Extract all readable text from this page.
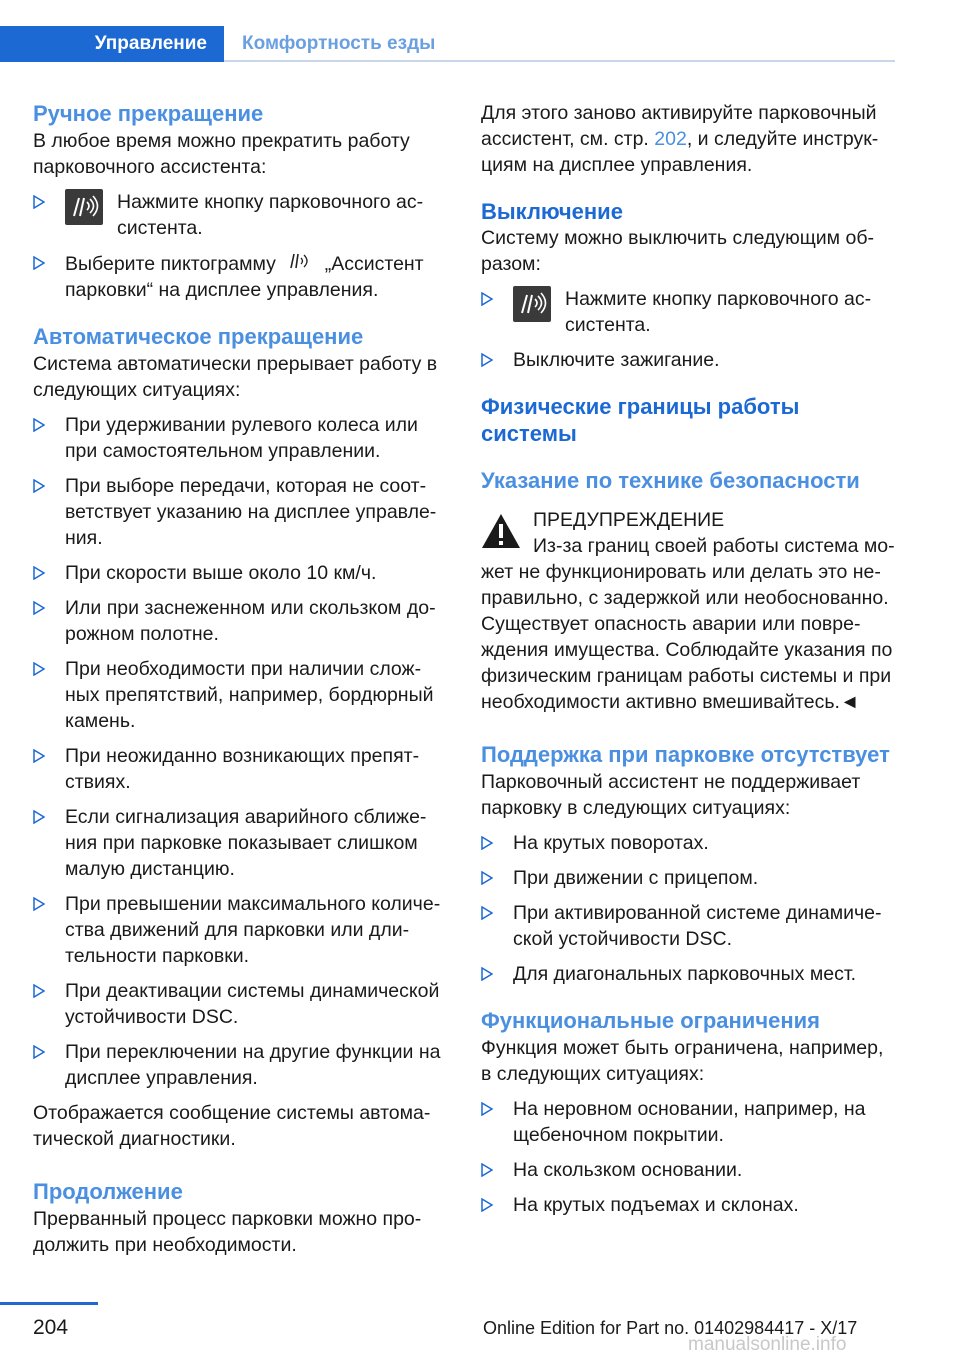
Управление Комфортность езды
Ручное прекращение

В любое время можно прекратить работу парковочного ассистента:

Нажмите кнопку парковочного ас- систента.
Выберите пиктограмму	„Ассистент парковки“ на дисплее управления.
Автоматическое прекращение

Система автоматически прерывает работу в следующих ситуациях:

При удерживании рулевого колеса или при самостоятельном управлении.
При выборе передачи, которая не соот- ветствует указанию на дисплее управле- ния.
При скорости выше около 10 км/ч.
Или при заснеженном или скользком до- рожном полотне.
При необходимости при наличии слож- ных препятствий, например, бордюрный камень.
При неожиданно возникающих препят- ствиях.
Если сигнализация аварийного сближе- ния при парковке показывает слишком малую дистанцию.
При превышении максимального количе- ства движений для парковки или дли- тельности парковки.
При деактивации системы динамической устойчивости DSC.
При переключении на другие функции на дисплее управления.

Отображается сообщение системы автома- тической диагностики.

Продолжение

Прерванный процесс парковки можно про- должить при необходимости.

Для этого заново активируйте парковочный ассистент, см. стр. 202, и следуйте инструк- циям на дисплее управления.

Выключение

Систему можно выключить следующим об- разом:

Нажмите кнопку парковочного ас- систента.
Выключите зажигание.
Физические границы работы системы
Указание по технике безопасности
ПРЕДУПРЕЖДЕНИЕ
Из-за границ своей работы система мо-

жет не функционировать или делать это не- правильно, с задержкой или необоснованно. Существует опасность аварии или повре- ждения имущества. Соблюдайте указания по физическим границам работы системы и при необходимости активно вмешивайтесь.◄

Поддержка при парковке отсутствует

Парковочный ассистент не поддерживает парковку в следующих ситуациях:

На крутых поворотах.
При движении с прицепом.
При активированной системе динамиче- ской устойчивости DSC.
Для диагональных парковочных мест.
Функциональные ограничения

Функция может быть ограничена, например, в следующих ситуациях:

На неровном основании, например, на щебеночном покрытии.
На скользком основании.
На крутых подъемах и склонах.
204	Online Edition for Part no. 01402984417 - X/17
manualsonline.info
